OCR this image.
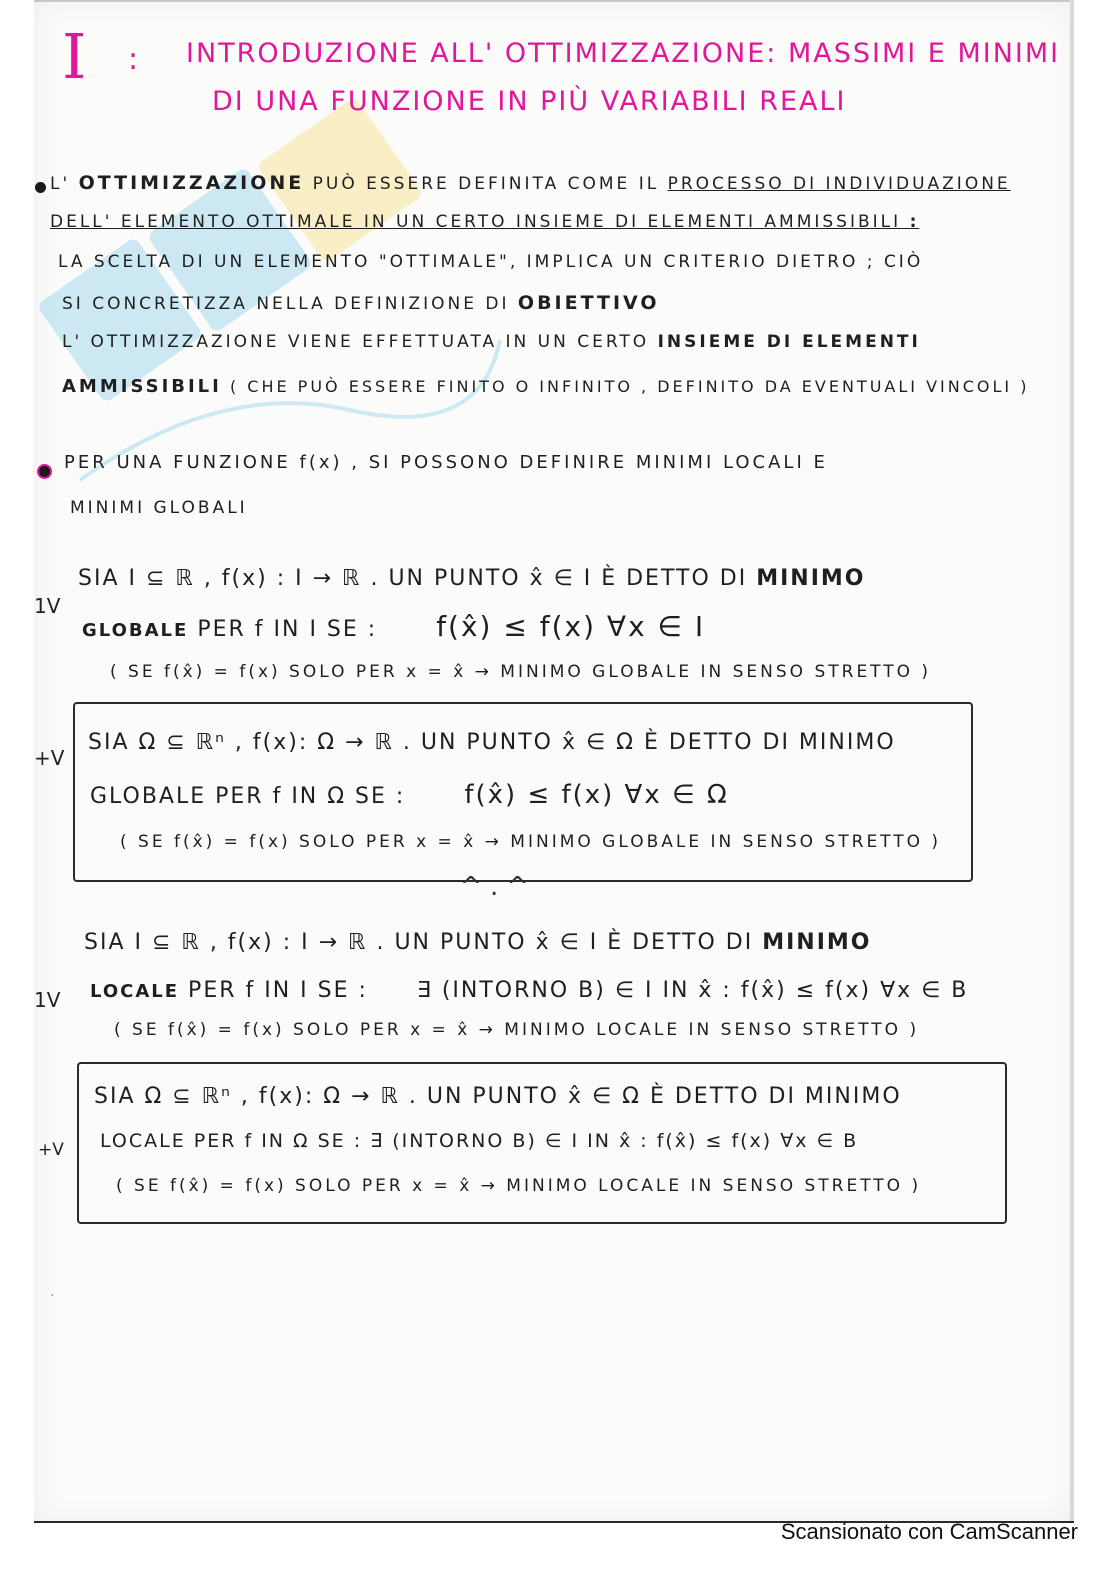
I : INTRODUZIONE ALL' OTTIMIZZAZIONE: MASSIMI E MINIMI
DI UNA FUNZIONE IN PIÙ VARIABILI REALI
L' OTTIMIZZAZIONE PUÒ ESSERE DEFINITA COME IL PROCESSO DI INDIVIDUAZIONE
DELL' ELEMENTO OTTIMALE IN UN CERTO INSIEME DI ELEMENTI AMMISSIBILI :
LA SCELTA DI UN ELEMENTO "OTTIMALE", IMPLICA UN CRITERIO DIETRO ; CIÒ
SI CONCRETIZZA NELLA DEFINIZIONE DI OBIETTIVO
L' OTTIMIZZAZIONE VIENE EFFETTUATA IN UN CERTO INSIEME DI ELEMENTI
AMMISSIBILI ( CHE PUÒ ESSERE FINITO O INFINITO , DEFINITO DA EVENTUALI VINCOLI )
PER UNA FUNZIONE f(x) , SI POSSONO DEFINIRE MINIMI LOCALI E
MINIMI GLOBALI
1V
SIA I ⊆ ℝ , f(x) : I → ℝ . UN PUNTO x̂ ∈ I È DETTO DI MINIMO
GLOBALE PER f IN I SE : f(x̂) ≤ f(x) ∀x ∈ I
( SE f(x̂) = f(x) SOLO PER x = x̂ → MINIMO GLOBALE IN SENSO STRETTO )
+V
SIA Ω ⊆ ℝⁿ , f(x): Ω → ℝ . UN PUNTO x̂ ∈ Ω È DETTO DI MINIMO
GLOBALE PER f IN Ω SE : f(x̂) ≤ f(x) ∀x ∈ Ω
( SE f(x̂) = f(x) SOLO PER x = x̂ → MINIMO GLOBALE IN SENSO STRETTO )
^ . ^
SIA I ⊆ ℝ , f(x) : I → ℝ . UN PUNTO x̂ ∈ I È DETTO DI MINIMO
1V LOCALE PER f IN I SE : ∃ (INTORNO B) ∈ I IN x̂ : f(x̂) ≤ f(x) ∀x ∈ B
( SE f(x̂) = f(x) SOLO PER x = x̂ → MINIMO LOCALE IN SENSO STRETTO )
+V
SIA Ω ⊆ ℝⁿ , f(x): Ω → ℝ . UN PUNTO x̂ ∈ Ω È DETTO DI MINIMO
LOCALE PER f IN Ω SE : ∃ (INTORNO B) ∈ I IN x̂ : f(x̂) ≤ f(x) ∀x ∈ B
( SE f(x̂) = f(x) SOLO PER x = x̂ → MINIMO LOCALE IN SENSO STRETTO )
·
Scansionato con CamScanner
